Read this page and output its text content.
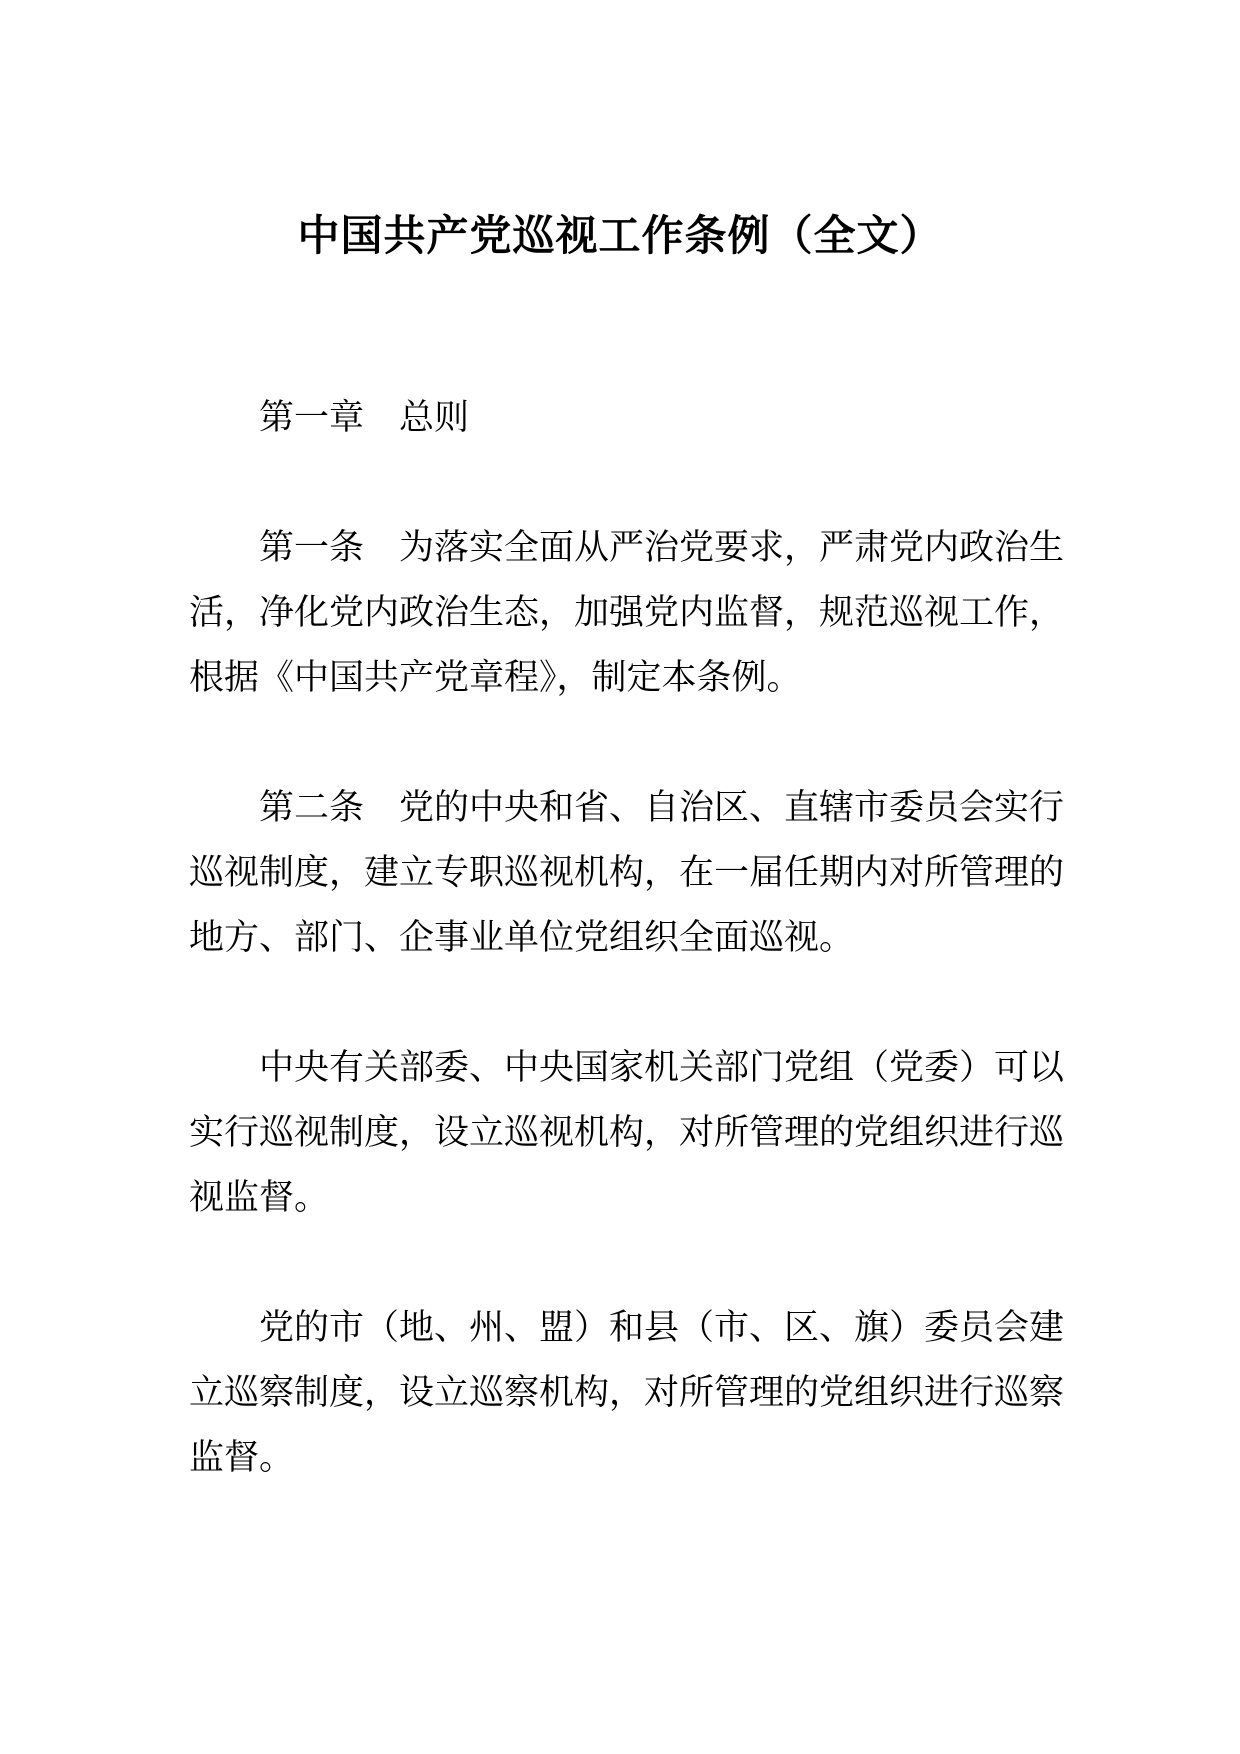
中国共产党巡视工作条例（全文）
第一章　总则
第一条　为落实全面从严治党要求，严肃党内政治生
活，净化党内政治生态，加强党内监督，规范巡视工作，
根据《中国共产党章程》，制定本条例。
第二条　党的中央和省、自治区、直辖市委员会实行
巡视制度，建立专职巡视机构，在一届任期内对所管理的
地方、部门、企事业单位党组织全面巡视。
中央有关部委、中央国家机关部门党组（党委）可以
实行巡视制度，设立巡视机构，对所管理的党组织进行巡
视监督。
党的市（地、州、盟）和县（市、区、旗）委员会建
立巡察制度，设立巡察机构，对所管理的党组织进行巡察
监督。
